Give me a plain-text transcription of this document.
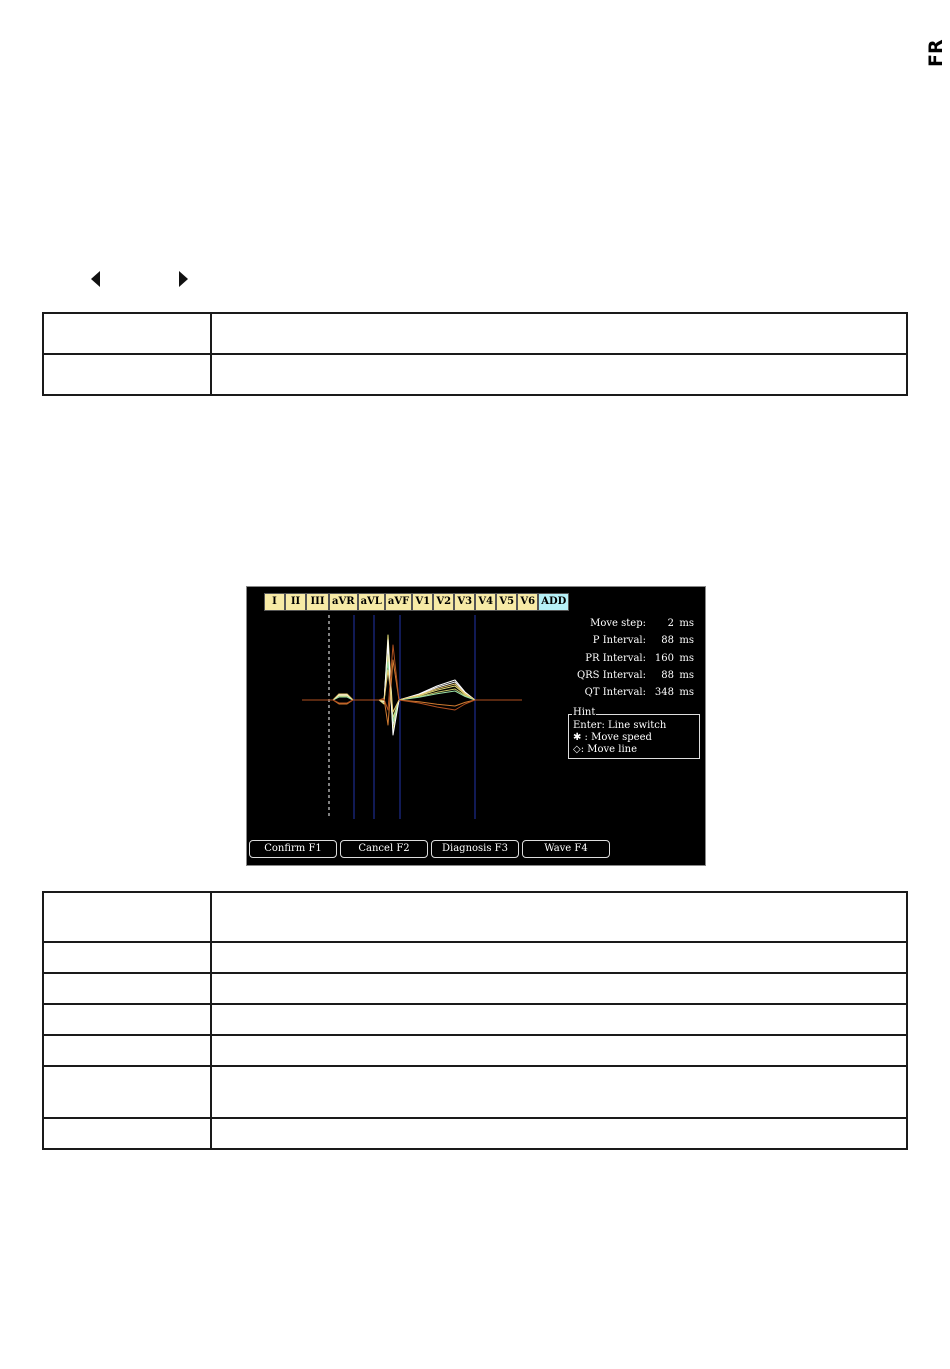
FR

I	II	III aVR aVL aVF V1 V2 V3 V4 V5 V6 ADD
Move step:	2 ms
P Interval:	88 ms
PR Interval: 160 ms
QRS Interval:	88 ms
QT Interval: 348 ms
Hint
Enter: Line switch
✱ : Move speed
◇: Move line
Confirm F1	Cancel F2	Diagnosis F3	Wave F4
